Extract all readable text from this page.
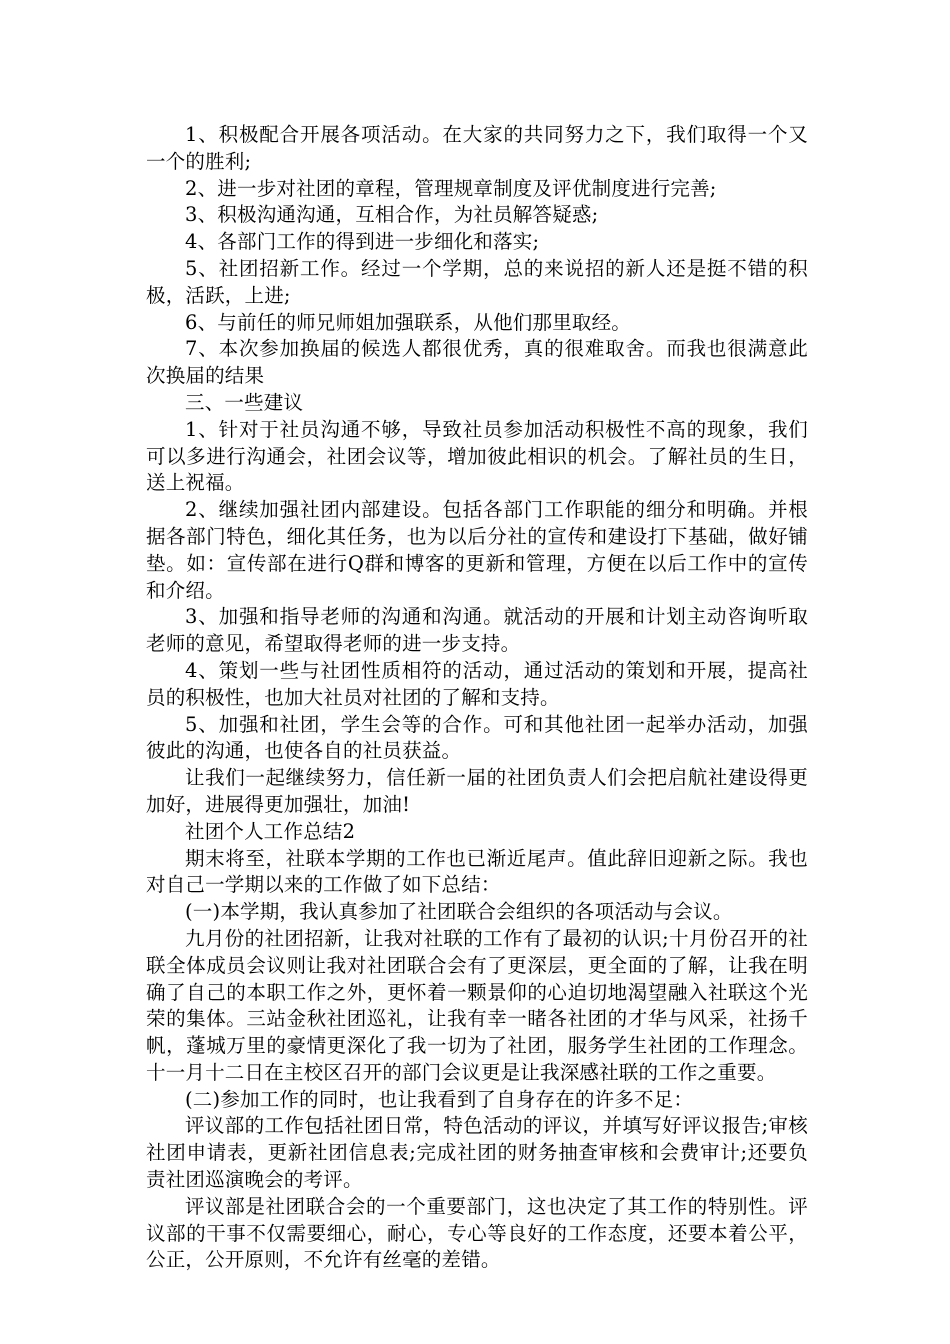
1、积极配合开展各项活动。在大家的共同努力之下，我们取得一个又一个的胜利;

2、进一步对社团的章程，管理规章制度及评优制度进行完善;

3、积极沟通沟通，互相合作，为社员解答疑惑;

4、各部门工作的得到进一步细化和落实;

5、社团招新工作。经过一个学期，总的来说招的新人还是挺不错的积极，活跃，上进;

6、与前任的师兄师姐加强联系，从他们那里取经。

7、本次参加换届的候选人都很优秀，真的很难取舍。而我也很满意此次换届的结果

三、一些建议

1、针对于社员沟通不够，导致社员参加活动积极性不高的现象，我们可以多进行沟通会，社团会议等，增加彼此相识的机会。了解社员的生日，送上祝福。

2、继续加强社团内部建设。包括各部门工作职能的细分和明确。并根据各部门特色，细化其任务，也为以后分社的宣传和建设打下基础，做好铺垫。如：宣传部在进行Q群和博客的更新和管理，方便在以后工作中的宣传和介绍。

3、加强和指导老师的沟通和沟通。就活动的开展和计划主动咨询听取老师的意见，希望取得老师的进一步支持。

4、策划一些与社团性质相符的活动，通过活动的策划和开展，提高社员的积极性，也加大社员对社团的了解和支持。

5、加强和社团，学生会等的合作。可和其他社团一起举办活动，加强彼此的沟通，也使各自的社员获益。

让我们一起继续努力，信任新一届的社团负责人们会把启航社建设得更加好，进展得更加强壮，加油!

社团个人工作总结2

期末将至，社联本学期的工作也已渐近尾声。值此辞旧迎新之际。我也对自己一学期以来的工作做了如下总结：

(一)本学期，我认真参加了社团联合会组织的各项活动与会议。

九月份的社团招新，让我对社联的工作有了最初的认识;十月份召开的社联全体成员会议则让我对社团联合会有了更深层，更全面的了解，让我在明确了自己的本职工作之外，更怀着一颗景仰的心迫切地渴望融入社联这个光荣的集体。三站金秋社团巡礼，让我有幸一睹各社团的才华与风采，社扬千帆，蓬城万里的豪情更深化了我一切为了社团，服务学生社团的工作理念。十一月十二日在主校区召开的部门会议更是让我深感社联的工作之重要。

(二)参加工作的同时，也让我看到了自身存在的许多不足：

评议部的工作包括社团日常，特色活动的评议，并填写好评议报告;审核社团申请表，更新社团信息表;完成社团的财务抽查审核和会费审计;还要负责社团巡演晚会的考评。

评议部是社团联合会的一个重要部门，这也决定了其工作的特别性。评议部的干事不仅需要细心，耐心，专心等良好的工作态度，还要本着公平，公正，公开原则，不允许有丝毫的差错。
